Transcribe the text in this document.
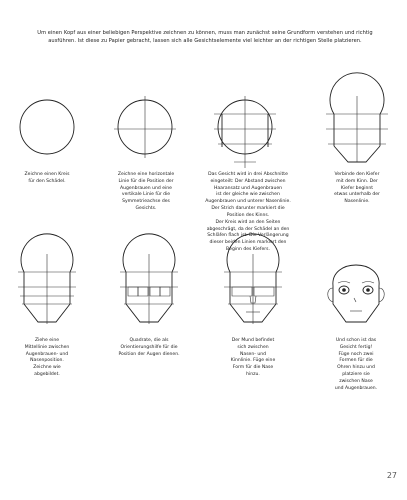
Um einen Kopf aus einer beliebigen Perspektive zeichnen zu können, muss man zunächst seine Grundform verstehen und richtig ausführen. Ist diese zu Papier gebracht, lassen sich alle Gesichtselemente viel leichter an der richtigen Stelle platzieren.
Zeichne einen Kreis
für den Schädel.
Zeichne eine horizontale
Linie für die Position der
Augenbrauen und eine
vertikale Linie für die
Symmetrieachse des
Gesichts.
Das Gesicht wird in drei Abschnitte
eingeteilt: Der Abstand zwischen
Haaransatz und Augenbrauen
ist der gleiche wie zwischen
Augenbrauen und unterer Nasenlinie.
Der Strich darunter markiert die
Position des Kinns.
Der Kreis wird an den Seiten
abgeschrägt, da der Schädel an den
Schläfen flach ist. Die Verlängerung
dieser beiden Linien markiert den
Beginn des Kiefers.
Verbinde den Kiefer
mit dem Kinn. Der
Kiefer beginnt
etwas unterhalb der
Nasenlinie.
Ziehe eine
Mittellinie zwischen
Augenbrauen- und
Nasenposition.
Zeichne wie
abgebildet.
Quadrate, die als
Orientierungshilfe für die
Position der Augen dienen.
Der Mund befindet
sich zwischen
Nasen- und
Kinnlinie. Füge eine
Form für die Nase
hinzu.
Und schon ist das
Gesicht fertig!
Füge noch zwei
Formen für die
Ohren hinzu und
platziere sie
zwischen Nase
und Augenbrauen.
27
